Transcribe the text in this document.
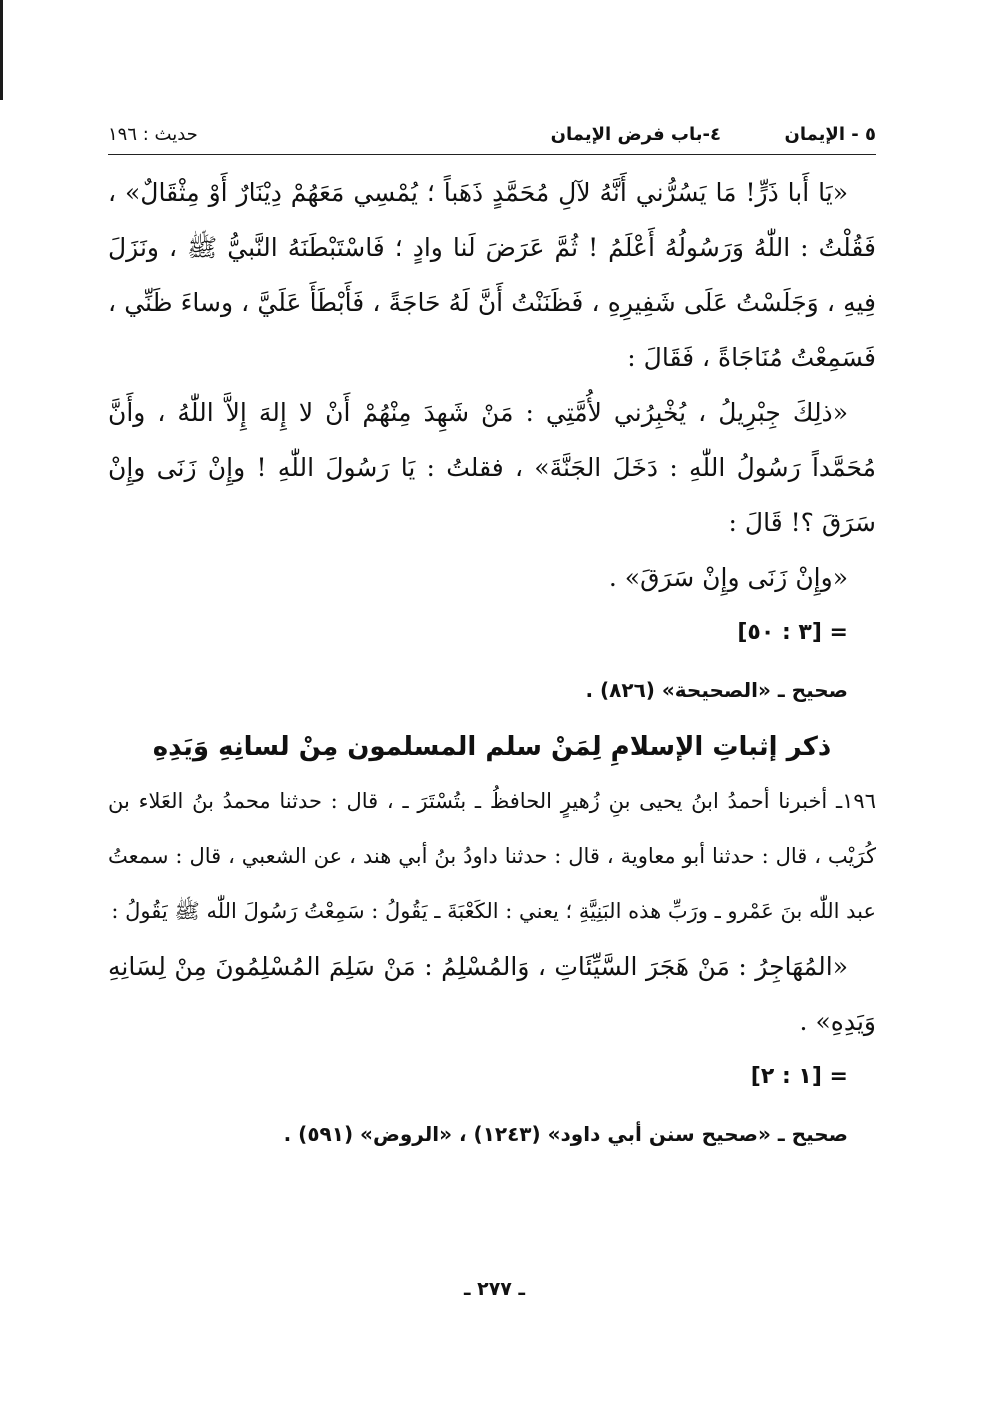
٥ - الإيمان
٤-باب فرض الإيمان
حديث : ١٩٦

«يَا أَبا ذَرٍّ! مَا يَسُرُّني أَنَّهُ لآلِ مُحَمَّدٍ ذَهَباً ؛ يُمْسِي مَعَهُمْ دِيْنَارٌ أَوْ مِثْقَالٌ» ، فَقُلْتُ : اللّٰهُ وَرَسُولُهُ أَعْلَمُ ! ثُمَّ عَرَضَ لَنا وادٍ ؛ فَاسْتَبْطَنَهُ النَّبيُّ ﷺ ، ونَزَلَ فِيهِ ، وَجَلَسْتُ عَلَى شَفِيرِهِ ، فَظَنَنْتُ أَنَّ لَهُ حَاجَةً ، فَأَبْطَأَ عَلَيَّ ، وساءَ ظَنِّي ، فَسَمِعْتُ مُنَاجَاةً ، فَقَالَ :

«ذلِكَ جِبْرِيلُ ، يُخْبِرُني لأُمَّتِي : مَنْ شَهِدَ مِنْهُمْ أَنْ لا إِلهَ إِلاَّ اللّٰهُ ، وأَنَّ مُحَمَّداً رَسُولُ اللّٰهِ : دَخَلَ الجَنَّةَ» ، فقلتُ : يَا رَسُولَ اللّٰهِ ! وإِنْ زَنَى وإِنْ سَرَقَ ؟! قَالَ :

«وإِنْ زَنَى وإِنْ سَرَقَ» .

= [٣ : ٥٠]

صحيح ـ «الصحيحة» (٨٢٦) .

ذكر إثباتِ الإسلامِ لِمَنْ سلم المسلمون مِنْ لسانِهِ وَيَدِهِ

١٩٦ـ أخبرنا أحمدُ ابنُ يحيى بنِ زُهيرٍ الحافظُ ـ بتُسْتَرَ ـ ، قال : حدثنا محمدُ بنُ العَلاء بن كُرَيْب ، قال : حدثنا أبو معاوية ، قال : حدثنا داودُ بنُ أبي هند ، عن الشعبي ، قال : سمعتُ عبد اللّٰه بنَ عَمْرو ـ ورَبِّ هذه البَنِيَّةِ ؛ يعني : الكَعْبَةَ ـ يَقُولُ : سَمِعْتُ رَسُولَ اللّٰه ﷺ يَقُولُ :

«المُهَاجِرُ : مَنْ هَجَرَ السَّيِّئَاتِ ، وَالمُسْلِمُ : مَنْ سَلِمَ المُسْلِمُونَ مِنْ لِسَانِهِ وَيَدِهِ» .

= [١ : ٢]

صحيح ـ «صحيح سنن أبي داود» (١٢٤٣) ، «الروض» (٥٩١) .

ـ ٢٧٧ ـ
